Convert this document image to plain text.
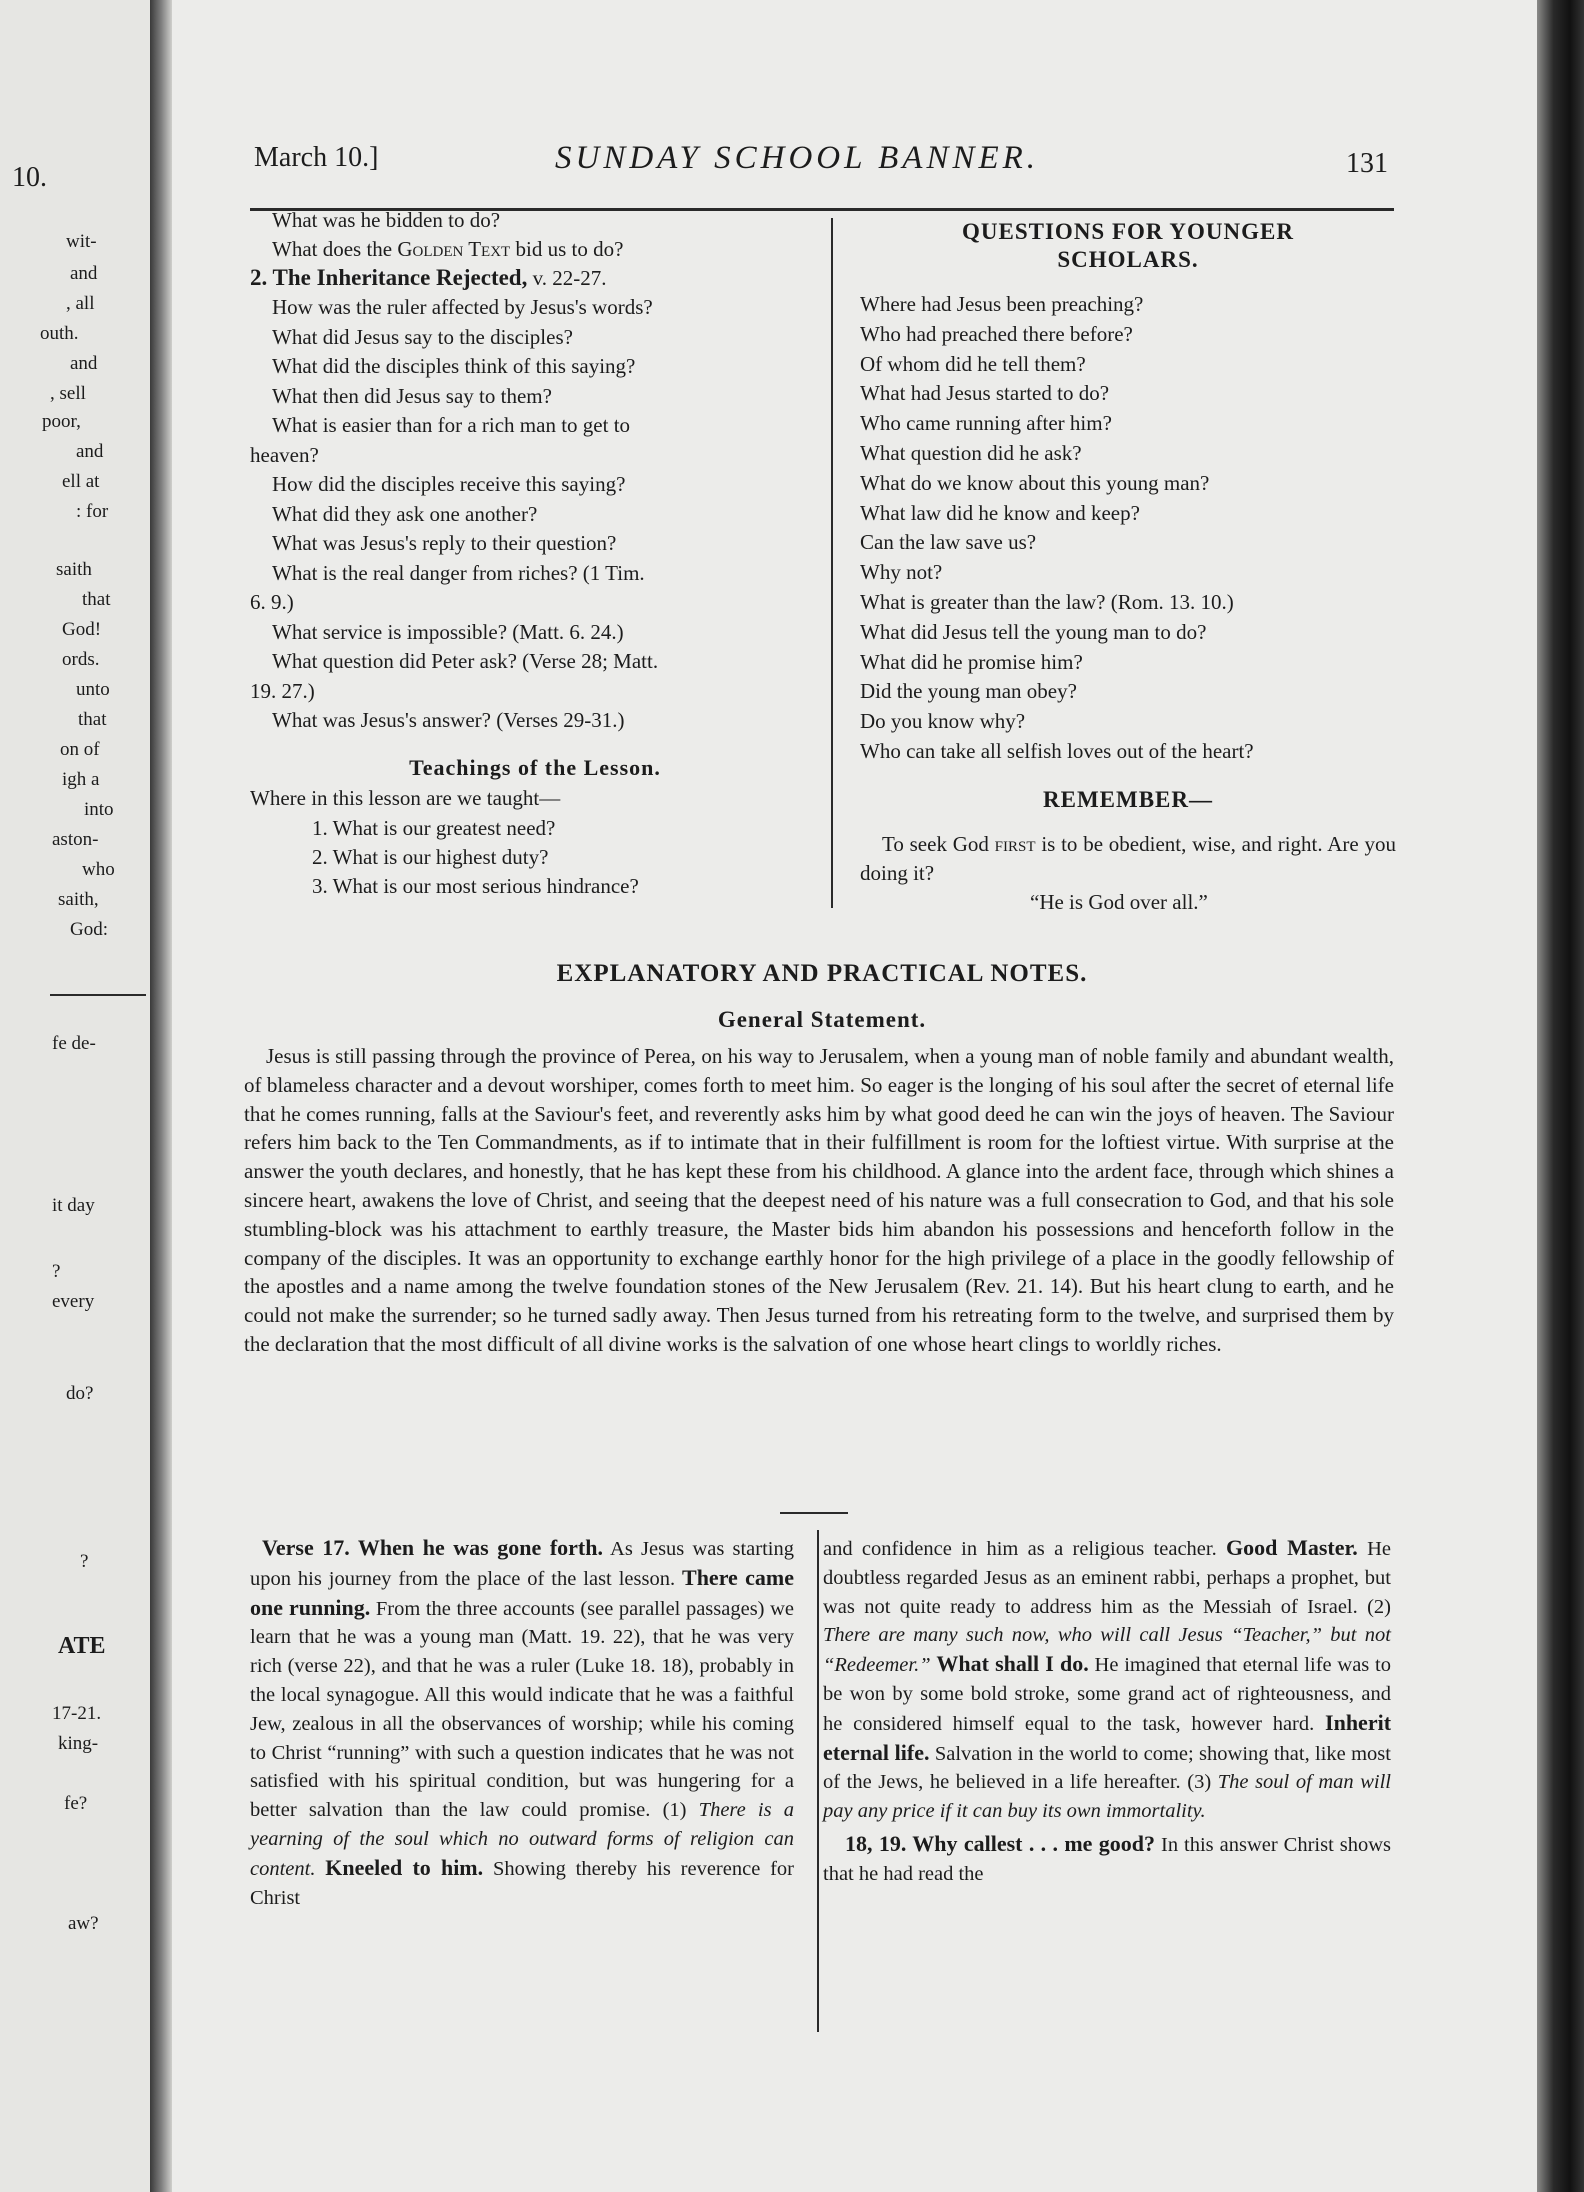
10.
wit-
and
, all
outh.
and
, sell
poor,
and
ell at
: for
saith
that
God!
ords.
unto
that
on of
igh a
into
aston-
who
saith,
God:
fe de-
it day
?
every
do?
?
ATE
17-21.
king-
fe?
aw?
March 10.]	SUNDAY SCHOOL BANNER.	131
What was he bidden to do?
What does the Golden Text bid us to do?
2. The Inheritance Rejected, v. 22-27.
How was the ruler affected by Jesus's words?
What did Jesus say to the disciples?
What did the disciples think of this saying?
What then did Jesus say to them?
What is easier than for a rich man to get to
heaven?
How did the disciples receive this saying?
What did they ask one another?
What was Jesus's reply to their question?
What is the real danger from riches? (1 Tim.
6. 9.)
What service is impossible? (Matt. 6. 24.)
What question did Peter ask? (Verse 28; Matt.
19. 27.)
What was Jesus's answer? (Verses 29-31.)
Teachings of the Lesson.
Where in this lesson are we taught—
1. What is our greatest need?
2. What is our highest duty?
3. What is our most serious hindrance?
QUESTIONS FOR YOUNGER
SCHOLARS.
Where had Jesus been preaching?
Who had preached there before?
Of whom did he tell them?
What had Jesus started to do?
Who came running after him?
What question did he ask?
What do we know about this young man?
What law did he know and keep?
Can the law save us?
Why not?
What is greater than the law? (Rom. 13. 10.)
What did Jesus tell the young man to do?
What did he promise him?
Did the young man obey?
Do you know why?
Who can take all selfish loves out of the heart?
REMEMBER—
To seek God first is to be obedient, wise, and right. Are you doing it?
“He is God over all.”
EXPLANATORY AND PRACTICAL NOTES.
General Statement.

Jesus is still passing through the province of Perea, on his way to Jerusalem, when a young man of noble family and abundant wealth, of blameless character and a devout worshiper, comes forth to meet him. So eager is the longing of his soul after the secret of eternal life that he comes running, falls at the Saviour's feet, and reverently asks him by what good deed he can win the joys of heaven. The Saviour refers him back to the Ten Commandments, as if to intimate that in their fulfillment is room for the loftiest virtue. With surprise at the answer the youth declares, and honestly, that he has kept these from his childhood. A glance into the ardent face, through which shines a sincere heart, awakens the love of Christ, and seeing that the deepest need of his nature was a full consecration to God, and that his sole stumbling-block was his attachment to earthly treasure, the Master bids him abandon his possessions and henceforth follow in the company of the disciples. It was an opportunity to exchange earthly honor for the high privilege of a place in the goodly fellowship of the apostles and a name among the twelve foundation stones of the New Jerusalem (Rev. 21. 14). But his heart clung to earth, and he could not make the surrender; so he turned sadly away. Then Jesus turned from his retreating form to the twelve, and surprised them by the declaration that the most difficult of all divine works is the salvation of one whose heart clings to worldly riches.

Verse 17. When he was gone forth. As Jesus was starting upon his journey from the place of the last lesson. There came one running. From the three accounts (see parallel passages) we learn that he was a young man (Matt. 19. 22), that he was very rich (verse 22), and that he was a ruler (Luke 18. 18), probably in the local synagogue. All this would indicate that he was a faithful Jew, zealous in all the observances of worship; while his coming to Christ “running” with such a question indicates that he was not satisfied with his spiritual condition, but was hungering for a better salvation than the law could promise. (1) There is a yearning of the soul which no outward forms of religion can content. Kneeled to him. Showing thereby his reverence for Christ

and confidence in him as a religious teacher. Good Master. He doubtless regarded Jesus as an eminent rabbi, perhaps a prophet, but was not quite ready to address him as the Messiah of Israel. (2) There are many such now, who will call Jesus “Teacher,” but not “Redeemer.” What shall I do. He imagined that eternal life was to be won by some bold stroke, some grand act of righteousness, and he considered himself equal to the task, however hard. Inherit eternal life. Salvation in the world to come; showing that, like most of the Jews, he believed in a life hereafter. (3) The soul of man will pay any price if it can buy its own immortality.

18, 19. Why callest . . . me good? In this answer Christ shows that he had read the
